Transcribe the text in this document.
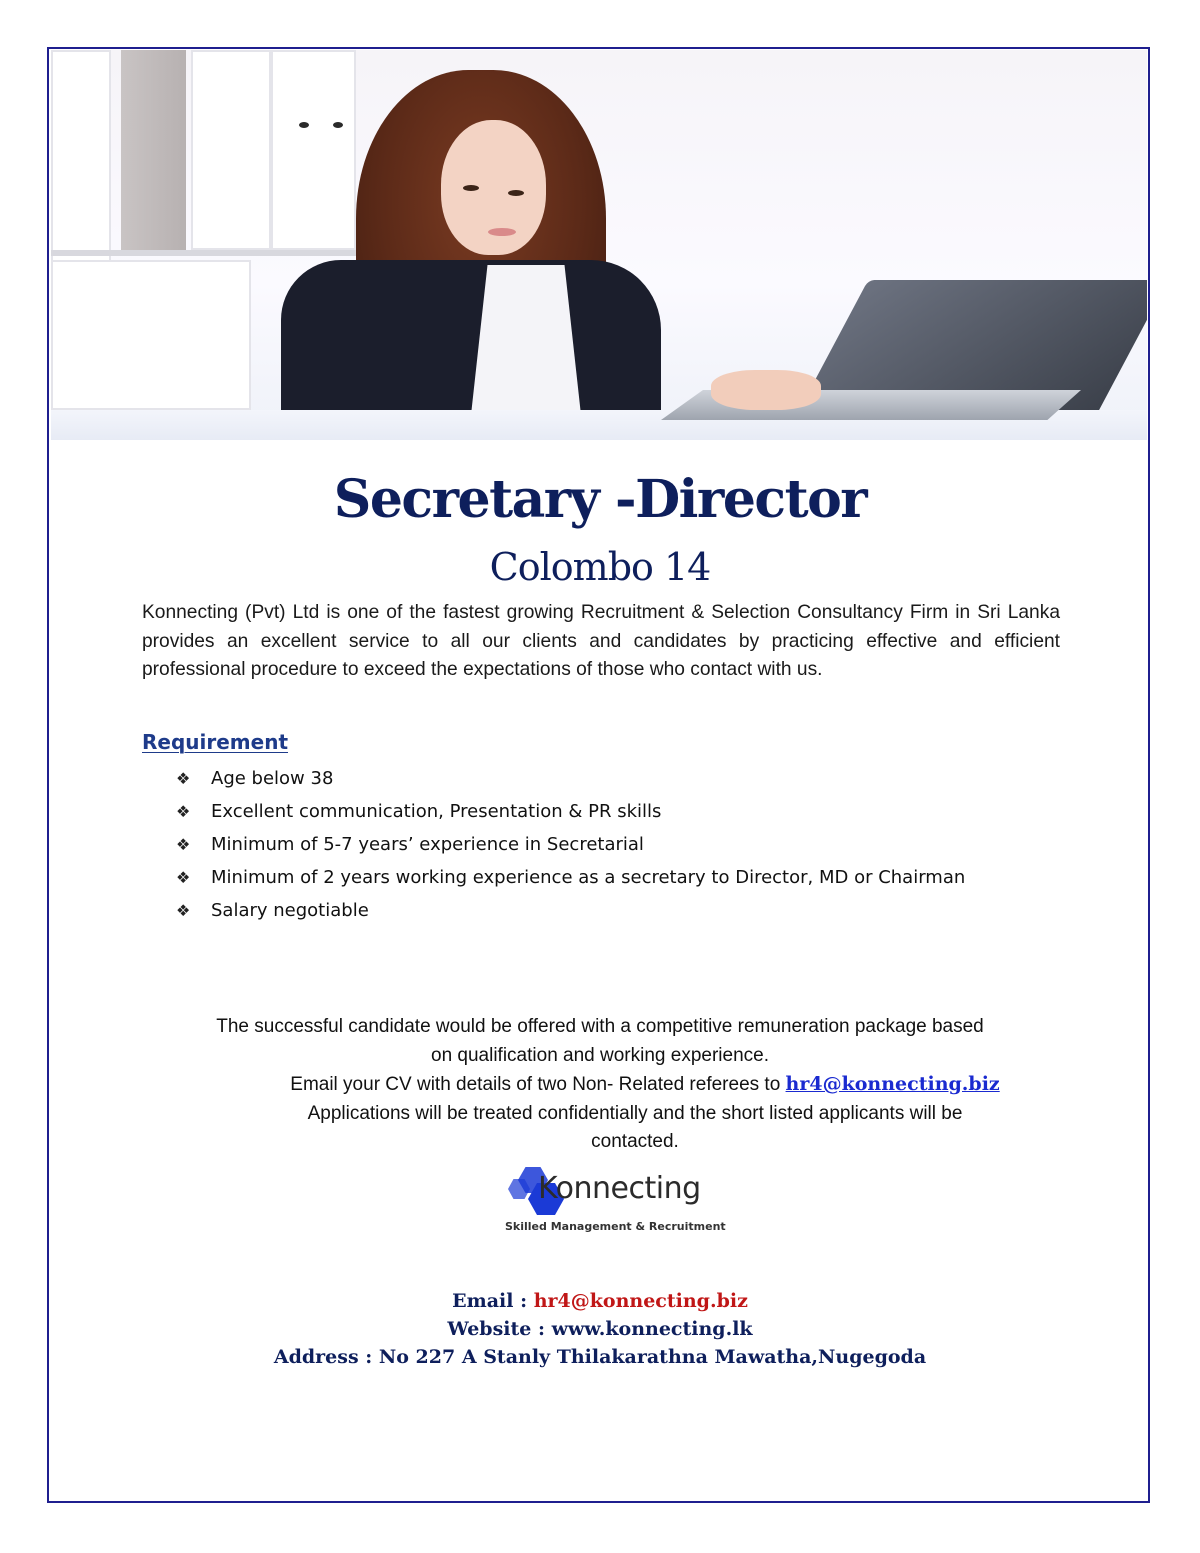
Secretary -Director
Colombo 14
Konnecting (Pvt) Ltd is one of the fastest growing Recruitment & Selection Consultancy Firm in Sri Lanka provides an excellent service to all our clients and candidates by practicing effective and efficient professional procedure to exceed the expectations of those who contact with us.
Requirement
❖ Age below 38
❖ Excellent communication, Presentation & PR skills
❖ Minimum of 5-7 years’ experience in Secretarial
❖ Minimum of 2 years working experience as a secretary to Director, MD or Chairman
❖ Salary negotiable
The successful candidate would be offered with a competitive remuneration package based
on qualification and working experience.
Email your CV with details of two Non- Related referees to hr4@konnecting.biz
Applications will be treated confidentially and the short listed applicants will be
contacted.
Konnecting
Skilled Management & Recruitment
Email : hr4@konnecting.biz
Website : www.konnecting.lk
Address : No 227 A Stanly Thilakarathna Mawatha,Nugegoda
